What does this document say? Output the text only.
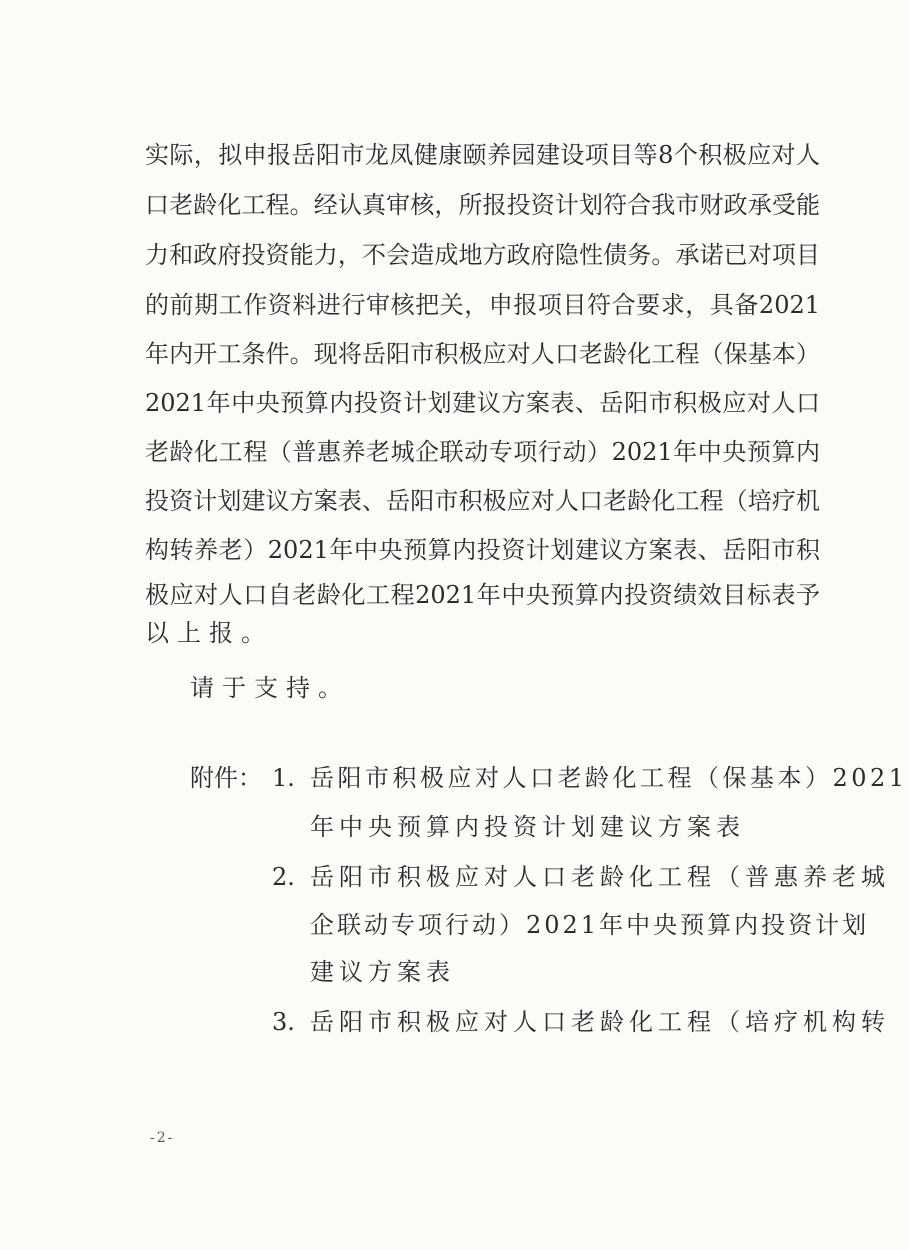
实际，拟申报岳阳市龙凤健康颐养园建设项目等8个积极应对人
口老龄化工程。经认真审核，所报投资计划符合我市财政承受能
力和政府投资能力，不会造成地方政府隐性债务。承诺已对项目
的前期工作资料进行审核把关，申报项目符合要求，具备2021
年内开工条件。现将岳阳市积极应对人口老龄化工程（保基本）
2021年中央预算内投资计划建议方案表、岳阳市积极应对人口
老龄化工程（普惠养老城企联动专项行动）2021年中央预算内
投资计划建议方案表、岳阳市积极应对人口老龄化工程（培疗机
构转养老）2021年中央预算内投资计划建议方案表、岳阳市积
极应对人口自老龄化工程2021年中央预算内投资绩效目标表予
以上报。
请于支持。
附件： 1. 岳阳市积极应对人口老龄化工程（保基本）2021
年中央预算内投资计划建议方案表
2. 岳阳市积极应对人口老龄化工程（普惠养老城
企联动专项行动）2021年中央预算内投资计划
建议方案表
3. 岳阳市积极应对人口老龄化工程（培疗机构转
-2-
